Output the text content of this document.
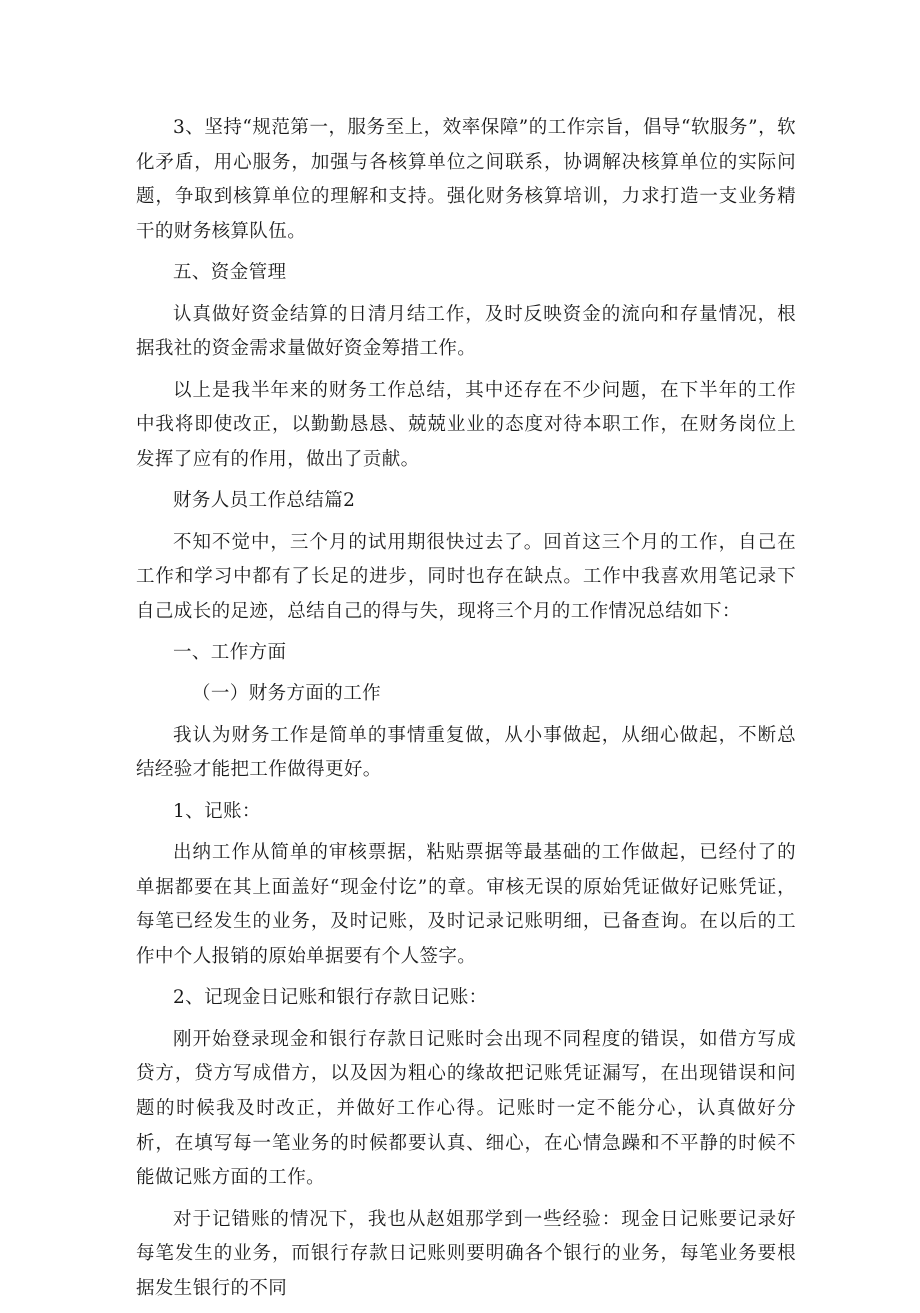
3、坚持“规范第一，服务至上，效率保障”的工作宗旨，倡导“软服务”，软化矛盾，用心服务，加强与各核算单位之间联系，协调解决核算单位的实际问题，争取到核算单位的理解和支持。强化财务核算培训，力求打造一支业务精干的财务核算队伍。

五、资金管理

认真做好资金结算的日清月结工作，及时反映资金的流向和存量情况，根据我社的资金需求量做好资金筹措工作。

以上是我半年来的财务工作总结，其中还存在不少问题，在下半年的工作中我将即使改正，以勤勤恳恳、兢兢业业的态度对待本职工作，在财务岗位上发挥了应有的作用，做出了贡献。

财务人员工作总结篇2

不知不觉中，三个月的试用期很快过去了。回首这三个月的工作，自己在工作和学习中都有了长足的进步，同时也存在缺点。工作中我喜欢用笔记录下自己成长的足迹，总结自己的得与失，现将三个月的工作情况总结如下：

一、工作方面

（一）财务方面的工作

我认为财务工作是简单的事情重复做，从小事做起，从细心做起，不断总结经验才能把工作做得更好。

1、记账：

出纳工作从简单的审核票据，粘贴票据等最基础的工作做起，已经付了的单据都要在其上面盖好“现金付讫”的章。审核无误的原始凭证做好记账凭证，每笔已经发生的业务，及时记账，及时记录记账明细，已备查询。在以后的工作中个人报销的原始单据要有个人签字。

2、记现金日记账和银行存款日记账：

刚开始登录现金和银行存款日记账时会出现不同程度的错误，如借方写成贷方，贷方写成借方，以及因为粗心的缘故把记账凭证漏写，在出现错误和问题的时候我及时改正，并做好工作心得。记账时一定不能分心，认真做好分析，在填写每一笔业务的时候都要认真、细心，在心情急躁和不平静的时候不能做记账方面的工作。

对于记错账的情况下，我也从赵姐那学到一些经验：现金日记账要记录好每笔发生的业务，而银行存款日记账则要明确各个银行的业务，每笔业务要根据发生银行的不同
